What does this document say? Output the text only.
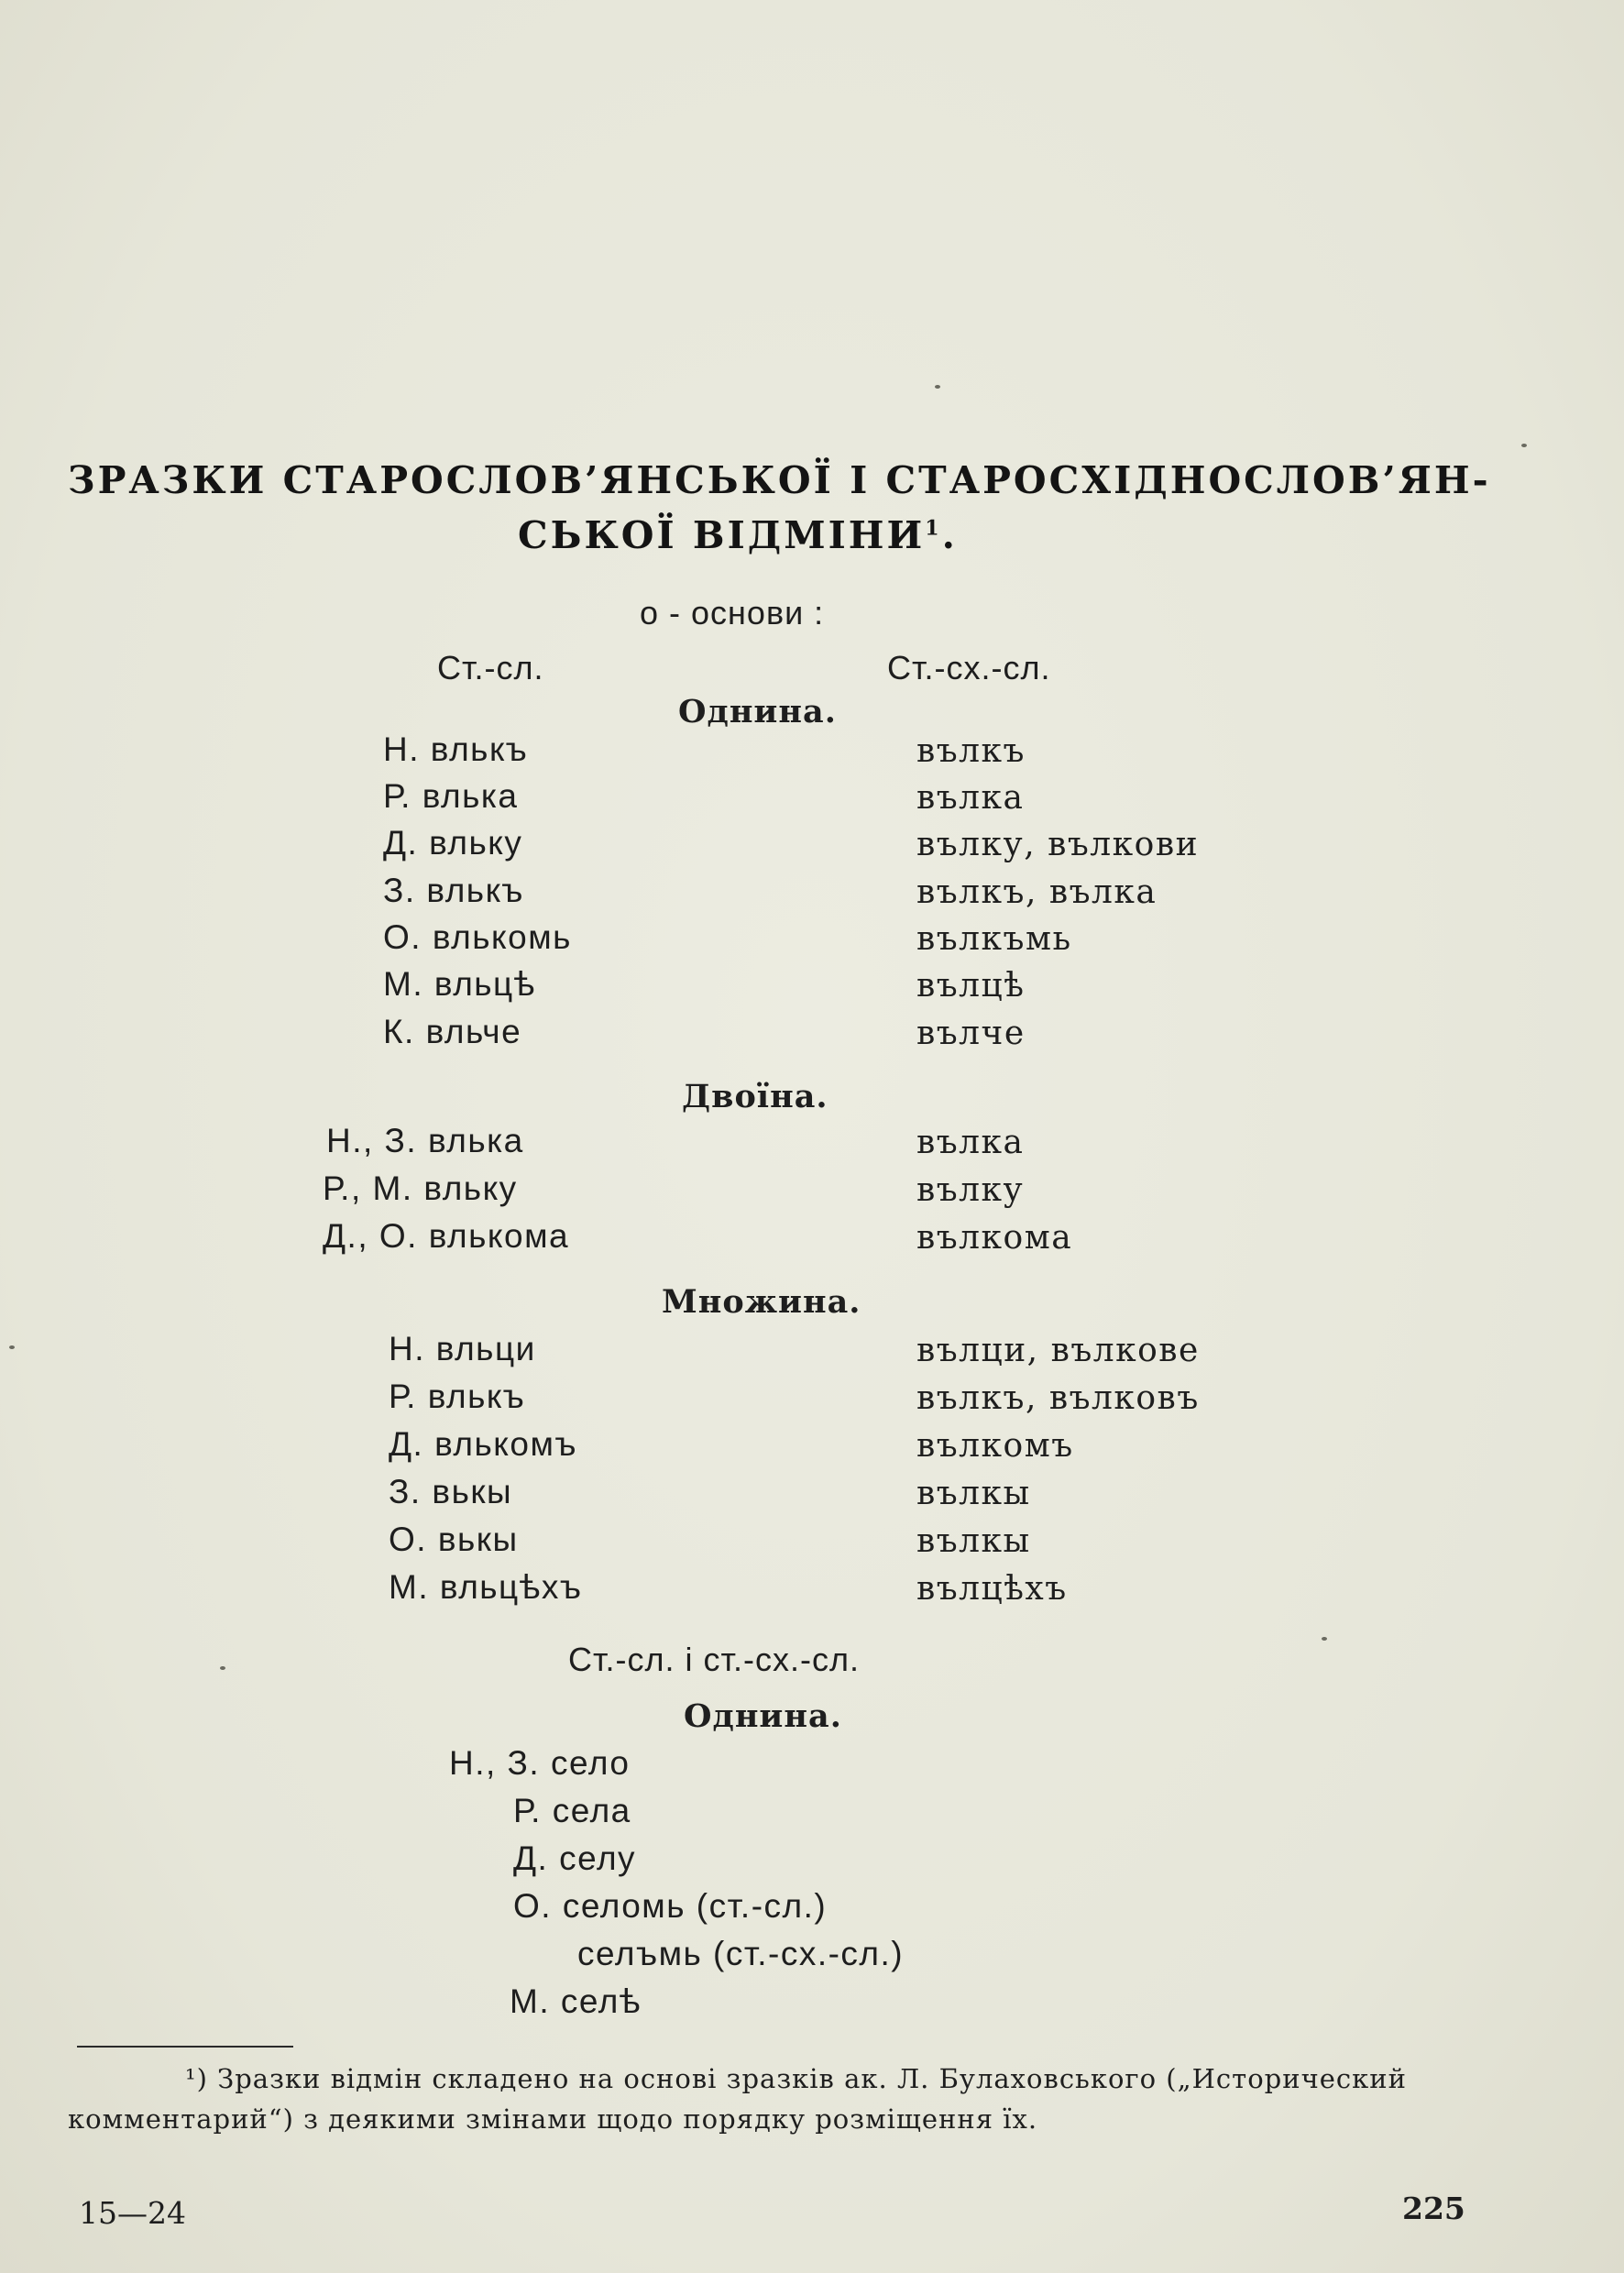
ЗРАЗКИ СТАРОСЛОВ’ЯНСЬКОЇ І СТАРОСХІДНОСЛОВ’ЯН-
СЬКОЇ ВІДМІНИ$^1$.
о - основи :
Ст.-сл.	Ст.-сх.-сл.
Однина.
Н. влькъ	вълкъ
Р. влька	вълка
Д. вльку	вълку, вълкови
З. влькъ	вълкъ, вълка
О. влькомь	вълкъмь
М. вльцѣ	вълцѣ
К. вльче	вълче
Двоїна.
Н., З. влька	вълка
Р., М. вльку	вълку
Д., О. влькома	вълкома
Множина.
Н. вльци	вълци, вълкове
Р. влькъ	вълкъ, вълковъ
Д. влькомъ	вълкомъ
З. вькы	вълкы
О. вькы	вълкы
М. вльцѣхъ	вълцѣхъ
Ст.-сл. і ст.-сх.-сл.
Однина.
Н., З. село
Р. села
Д. селу
О. селомь (ст.-сл.)
селъмь (ст.-сх.-сл.)
М. селѣ
¹) Зразки відмін складено на основі зразків ак. Л. Булаховського („Исторический комментарий“) з деякими змінами щодо порядку розміщення їх.
15—24	225
